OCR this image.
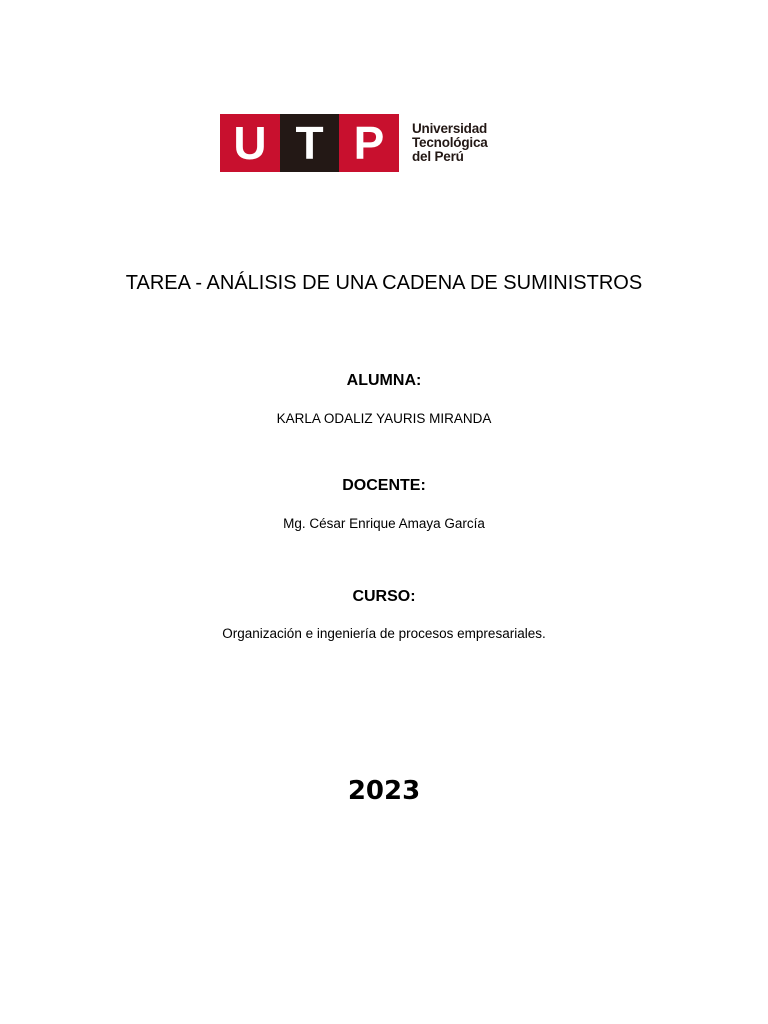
U T P	Universidad
Tecnológica
del Perú
TAREA - ANÁLISIS DE UNA CADENA DE SUMINISTROS
ALUMNA:
KARLA ODALIZ YAURIS MIRANDA
DOCENTE:
Mg. César Enrique Amaya García
CURSO:
Organización e ingeniería de procesos empresariales.
2023
